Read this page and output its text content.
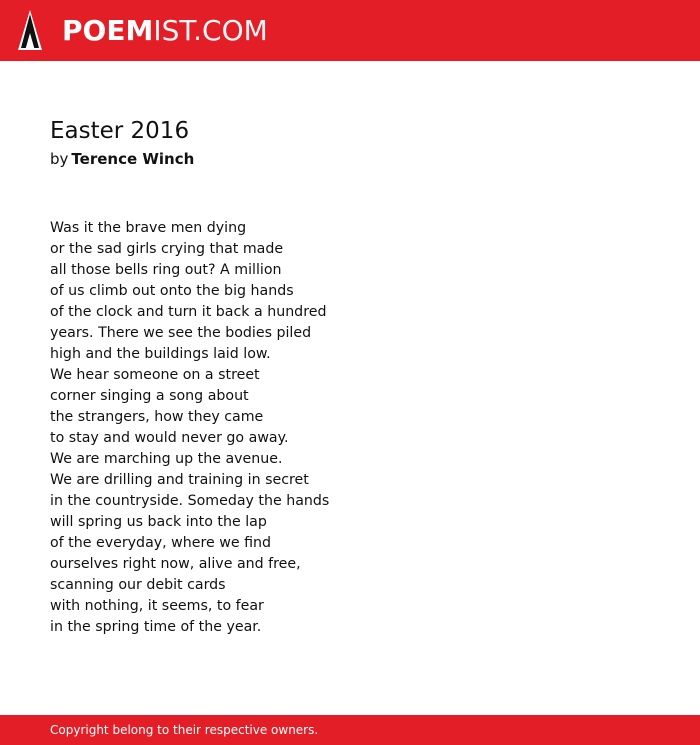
POEMIST.COM
Easter 2016
by Terence Winch
Was it the brave men dying
or the sad girls crying that made
all those bells ring out? A million
of us climb out onto the big hands
of the clock and turn it back a hundred
years. There we see the bodies piled
high and the buildings laid low.
We hear someone on a street
corner singing a song about
the strangers, how they came
to stay and would never go away.
We are marching up the avenue.
We are drilling and training in secret
in the countryside. Someday the hands
will spring us back into the lap
of the everyday, where we find
ourselves right now, alive and free,
scanning our debit cards
with nothing, it seems, to fear
in the spring time of the year.
Copyright belong to their respective owners.
